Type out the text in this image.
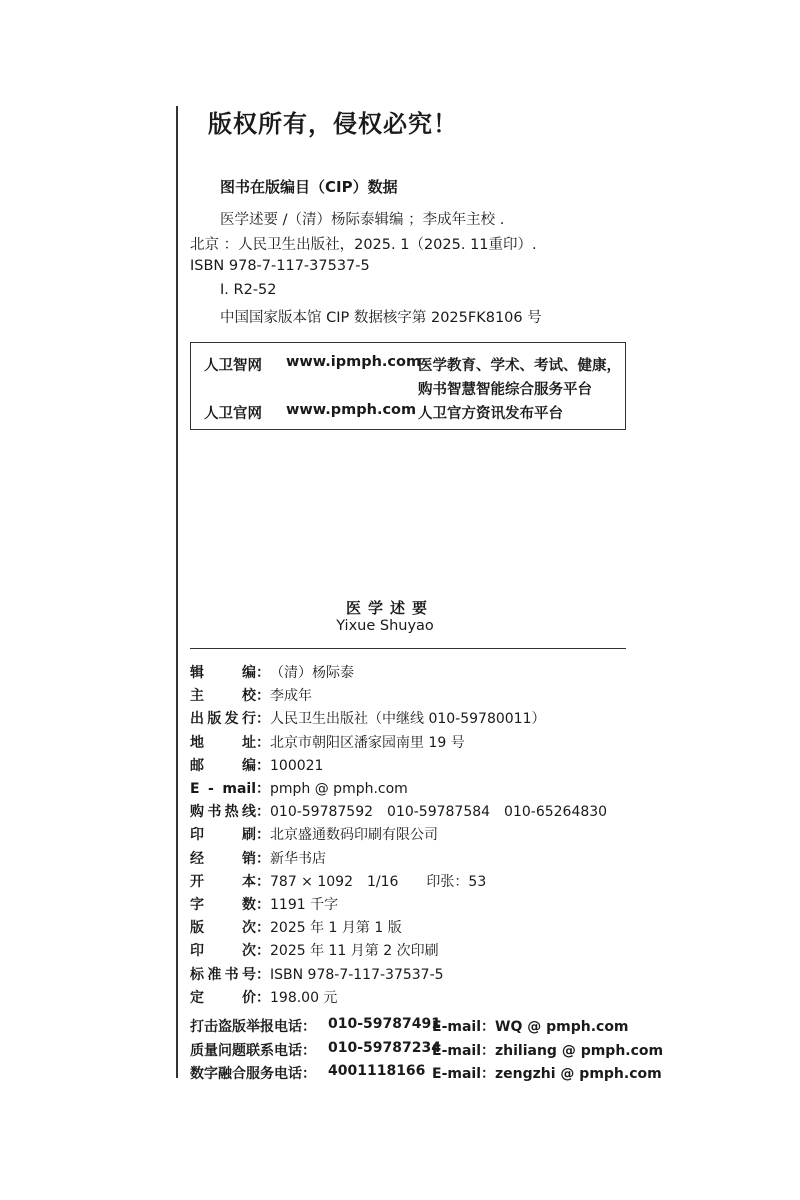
版权所有，侵权必究！
图书在版编目（CIP）数据
医学述要 /（清）杨际泰辑编 ；李成年主校 .
北京 ：人民卫生出版社，2025. 1（2025. 11重印）.
ISBN 978-7-117-37537-5
Ⅰ. R2-52
中国国家版本馆 CIP 数据核字第 2025FK8106 号
人卫智网 www.ipmph.com
医学教育、学术、考试、健康，
购书智慧智能综合服务平台
人卫官网 www.pmph.com 人卫官方资讯发布平台
医学述要
Yixue Shuyao
辑　　编：（清）杨际泰
主　　校：李成年
出版发行：人民卫生出版社（中继线 010-59780011）
地　　址：北京市朝阳区潘家园南里 19 号
邮　　编：100021
E - mail：pmph @ pmph.com
购书热线：010-59787592　010-59787584　010-65264830
印　　刷：北京盛通数码印刷有限公司
经　　销：新华书店
开　　本：787 × 1092　1/16　　印张：53
字　　数：1191 千字
版　　次：2025 年 1 月第 1 版
印　　次：2025 年 11 月第 2 次印刷
标准书号：ISBN 978-7-117-37537-5
定　　价：198.00 元
打击盗版举报电话： 010-59787491
E-mail：WQ @ pmph.com
质量问题联系电话： 010-59787234
E-mail：zhiliang @ pmph.com
数字融合服务电话： 4001118166 E-mail：zengzhi @ pmph.com
